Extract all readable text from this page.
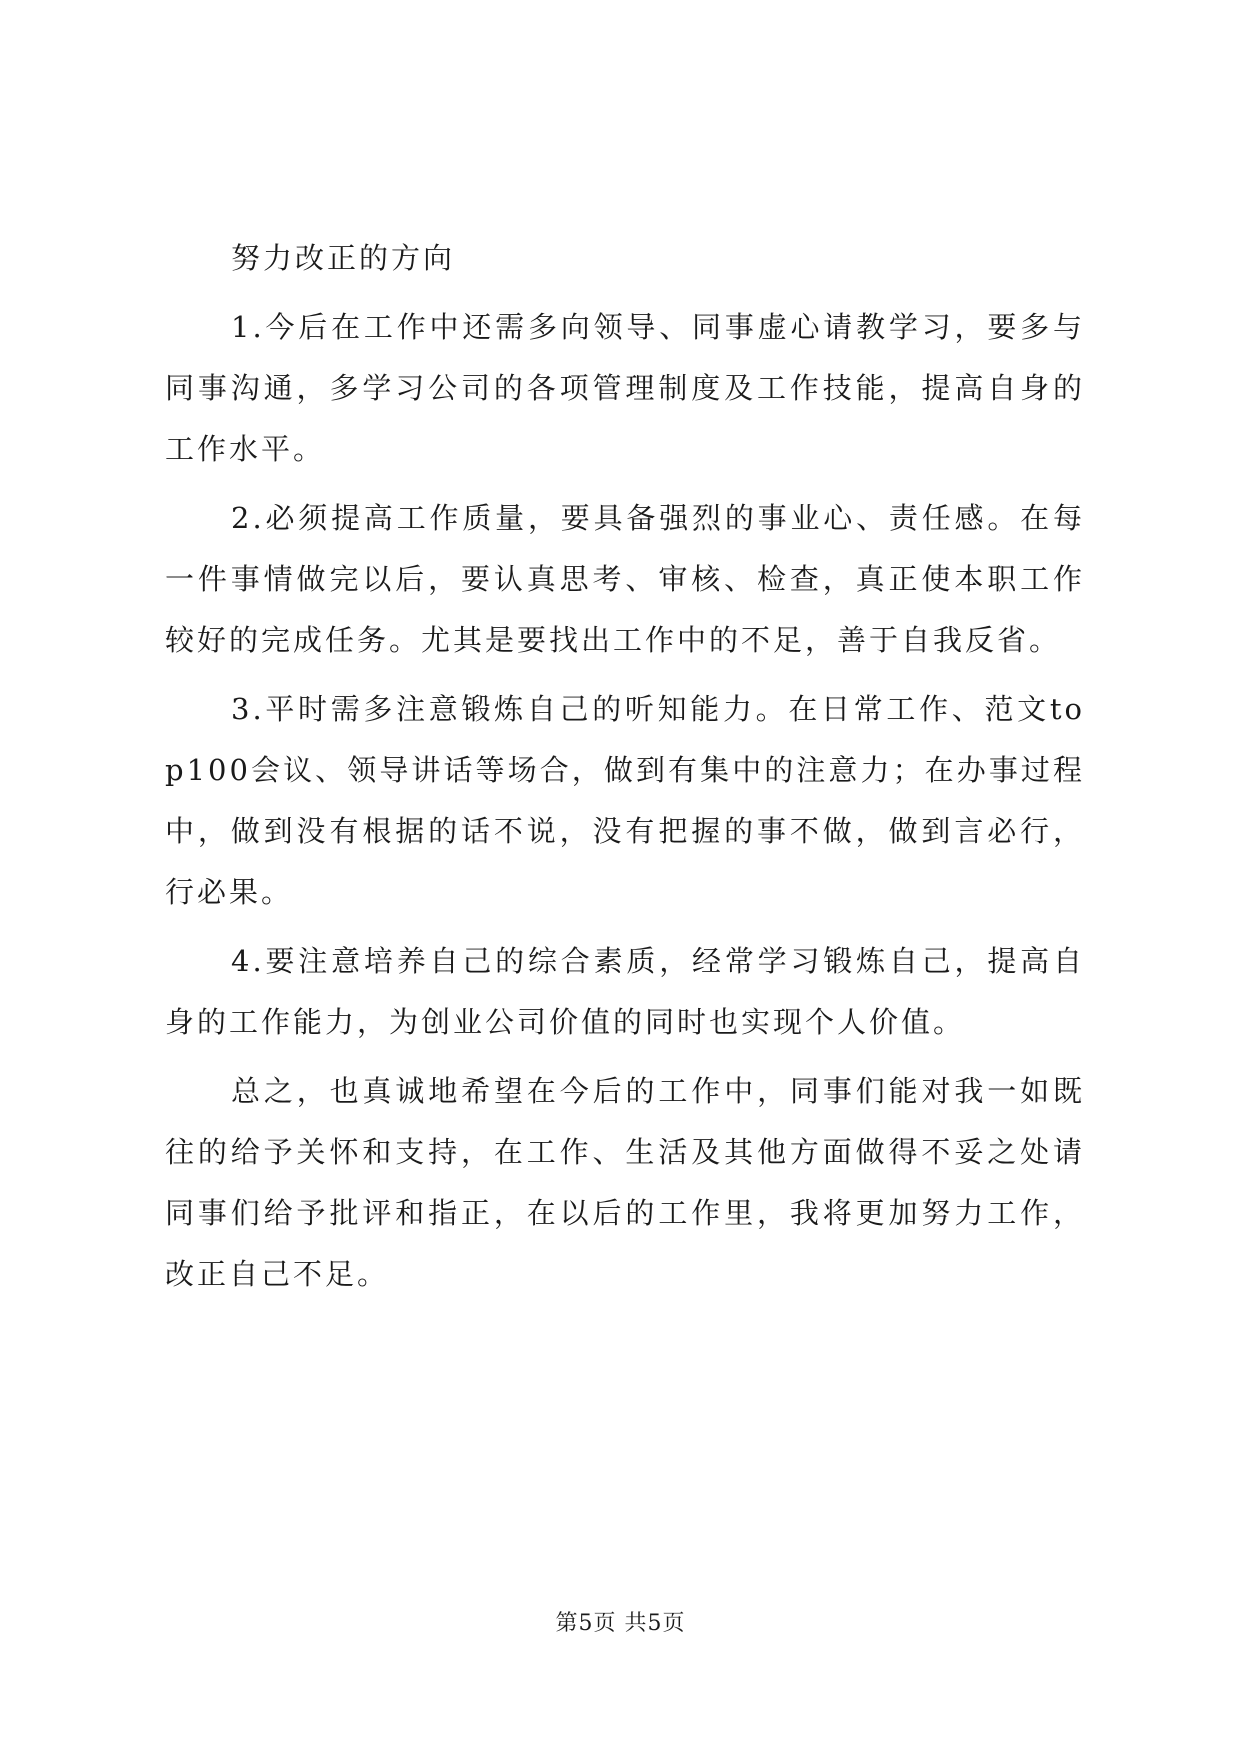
努力改正的方向

1.今后在工作中还需多向领导、同事虚心请教学习，要多与同事沟通，多学习公司的各项管理制度及工作技能，提高自身的工作水平。

2.必须提高工作质量，要具备强烈的事业心、责任感。在每一件事情做完以后，要认真思考、审核、检查，真正使本职工作较好的完成任务。尤其是要找出工作中的不足，善于自我反省。

3.平时需多注意锻炼自己的听知能力。在日常工作、范文top100会议、领导讲话等场合，做到有集中的注意力；在办事过程中，做到没有根据的话不说，没有把握的事不做，做到言必行，行必果。

4.要注意培养自己的综合素质，经常学习锻炼自己，提高自身的工作能力，为创业公司价值的同时也实现个人价值。

总之，也真诚地希望在今后的工作中，同事们能对我一如既往的给予关怀和支持，在工作、生活及其他方面做得不妥之处请同事们给予批评和指正，在以后的工作里，我将更加努力工作，改正自己不足。

第5页 共5页
